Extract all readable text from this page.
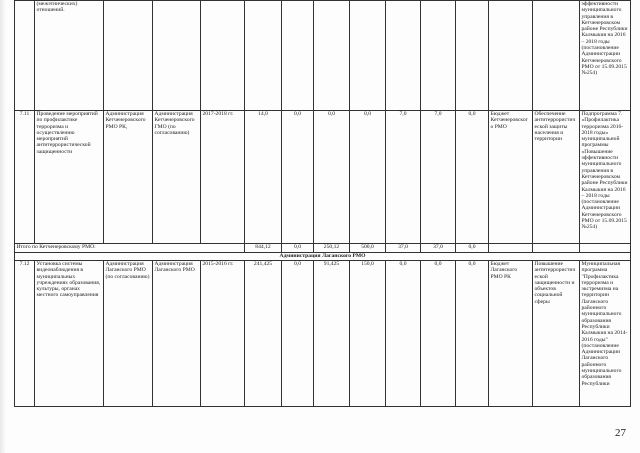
	(межэтнических) отношений.													эффективности муниципального управления в Кетченеровском районе Республики Калмыкия на 2016 – 2018 годы (постановление Администрации Кетченеровского РМО от 15.09.2015 №254)
7.11	Проведение мероприятий по профилактике терроризма и осуществлению мероприятий антитеррористической защищенности	Администрация Кетченеровского РМО РК,	Администрация Кетченеровского ГМО (по согласованию)	2017-2018 гг.	14,0	0,0	0,0	0,0	7,0	7,0	0,0	Бюджет Кетченеровского РМО	Обеспечение антитеррористической защиты населения и территории	Подпрограмма 7. «Профилактика терроризма 2016-2018 годы» муниципальной программы «Повышение эффективности муниципального управления в Кетченеровском районе Республики Калмыкия на 2016 – 2018 годы (постановление Администрации Кетченеровского РМО от 15.09.2015 №254)
Итого по Кетченеровскому РМО:					844,12	0,0	250,12	500,0	37,0	37,0	0,0			
Администрация Лаганского РМО														
7.12	Установка системы видеонаблюдения в муниципальных учреждениях образования, культуры, органах местного самоуправления	Администрация Лаганского РМО (по согласованию)	Администрация Лаганского РМО	2015-2016 гг.	241,425	0,0	91,425	150,0	0,0	0,0	0,0	Бюджет Лаганского РМО РК	Повышение антитеррористической защищенности и объектов социальной сферы	Муниципальная программа "Профилактика терроризма и экстремизма на территории Лаганского районного муниципального образования Республики Калмыкия на 2014-2016 годы" (постановление Администрации Лаганского районного муниципального образования Республики
27
